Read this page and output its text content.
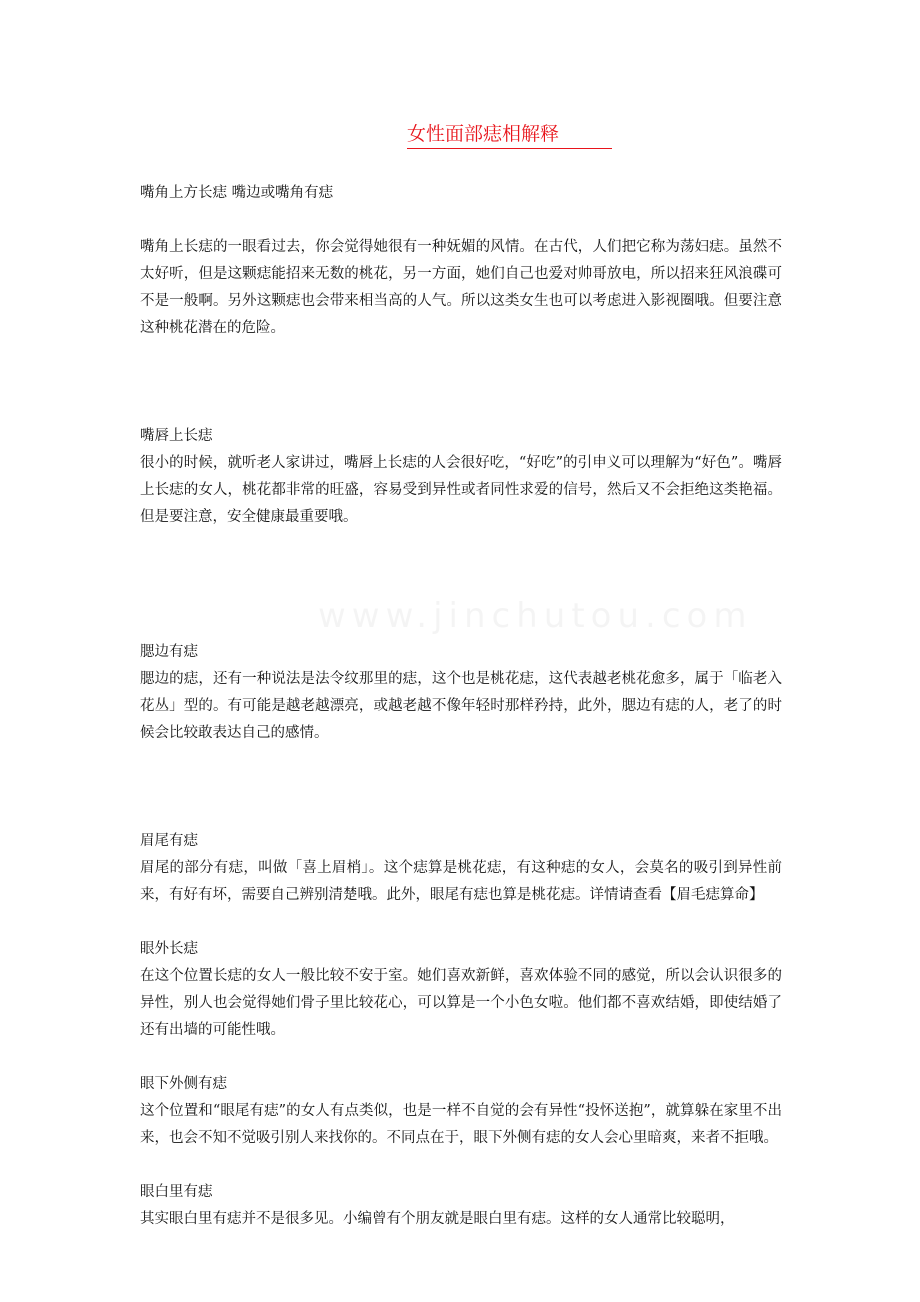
女性面部痣相解释
嘴角上方长痣 嘴边或嘴角有痣
嘴角上长痣的一眼看过去，你会觉得她很有一种妩媚的风情。在古代，人们把它称为荡妇痣。虽然不太好听，但是这颗痣能招来无数的桃花，另一方面，她们自己也爱对帅哥放电，所以招来狂风浪碟可不是一般啊。另外这颗痣也会带来相当高的人气。所以这类女生也可以考虑进入影视圈哦。但要注意这种桃花潜在的危险。
嘴唇上长痣
很小的时候，就听老人家讲过，嘴唇上长痣的人会很好吃，“好吃”的引申义可以理解为“好色”。嘴唇上长痣的女人，桃花都非常的旺盛，容易受到异性或者同性求爱的信号，然后又不会拒绝这类艳福。但是要注意，安全健康最重要哦。
腮边有痣
腮边的痣，还有一种说法是法令纹那里的痣，这个也是桃花痣，这代表越老桃花愈多，属于「临老入花丛」型的。有可能是越老越漂亮，或越老越不像年轻时那样矜持，此外，腮边有痣的人，老了的时候会比较敢表达自己的感情。
眉尾有痣
眉尾的部分有痣，叫做「喜上眉梢」。这个痣算是桃花痣，有这种痣的女人，会莫名的吸引到异性前来，有好有坏，需要自己辨别清楚哦。此外，眼尾有痣也算是桃花痣。详情请查看【眉毛痣算命】
眼外长痣
在这个位置长痣的女人一般比较不安于室。她们喜欢新鲜，喜欢体验不同的感觉，所以会认识很多的异性，别人也会觉得她们骨子里比较花心，可以算是一个小色女啦。他们都不喜欢结婚，即使结婚了还有出墙的可能性哦。
眼下外侧有痣
这个位置和“眼尾有痣”的女人有点类似，也是一样不自觉的会有异性“投怀送抱”，就算躲在家里不出来，也会不知不觉吸引别人来找你的。不同点在于，眼下外侧有痣的女人会心里暗爽，来者不拒哦。
眼白里有痣
其实眼白里有痣并不是很多见。小编曾有个朋友就是眼白里有痣。这样的女人通常比较聪明，
